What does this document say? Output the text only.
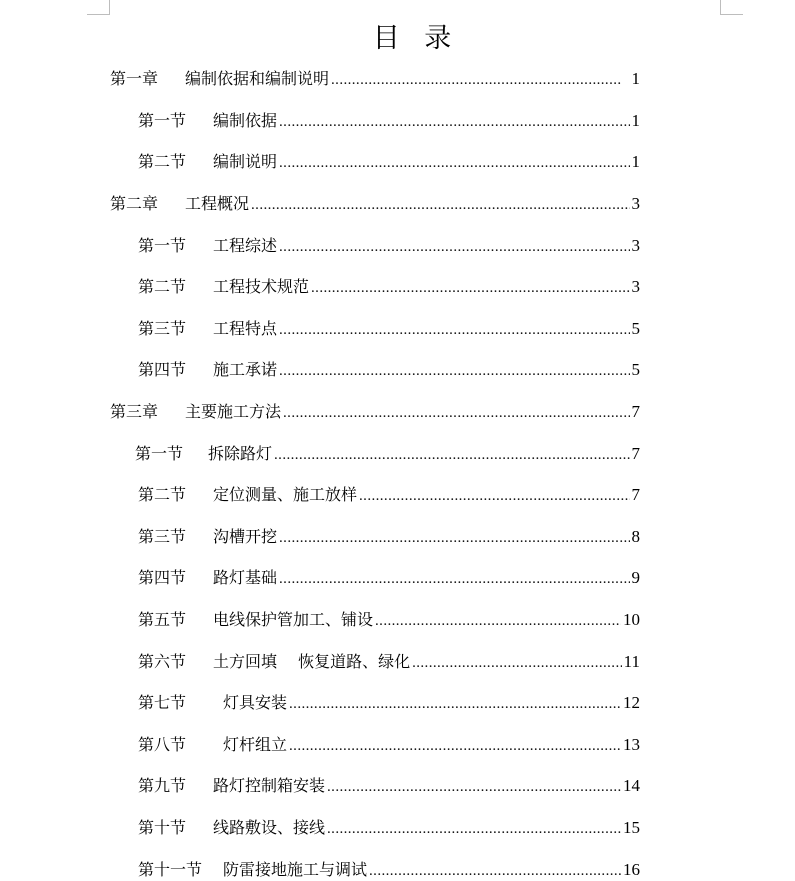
目 录
第一章	编制依据和编制说明 .....	1
第一节	编制依据 .....	1
第二节	编制说明 .....	1
第二章	工程概况 .....	3
第一节	工程综述 .....	3
第二节	工程技术规范 .....	3
第三节	工程特点 .....	5
第四节	施工承诺 .....	5
第三章	主要施工方法 .....	7
第一节	拆除路灯 .....	7
第二节	定位测量、施工放样 .....	7
第三节	沟槽开挖 .....	8
第四节	路灯基础 .....	9
第五节	电线保护管加工、铺设 .....	10
第六节	土方回填　 恢复道路、绿化 .....	11
第七节	灯具安装 .....	12
第八节	灯杆组立 .....	13
第九节	路灯控制箱安装 .....	14
第十节	线路敷设、接线 .....	15
第十一节	防雷接地施工与调试 .....	16
